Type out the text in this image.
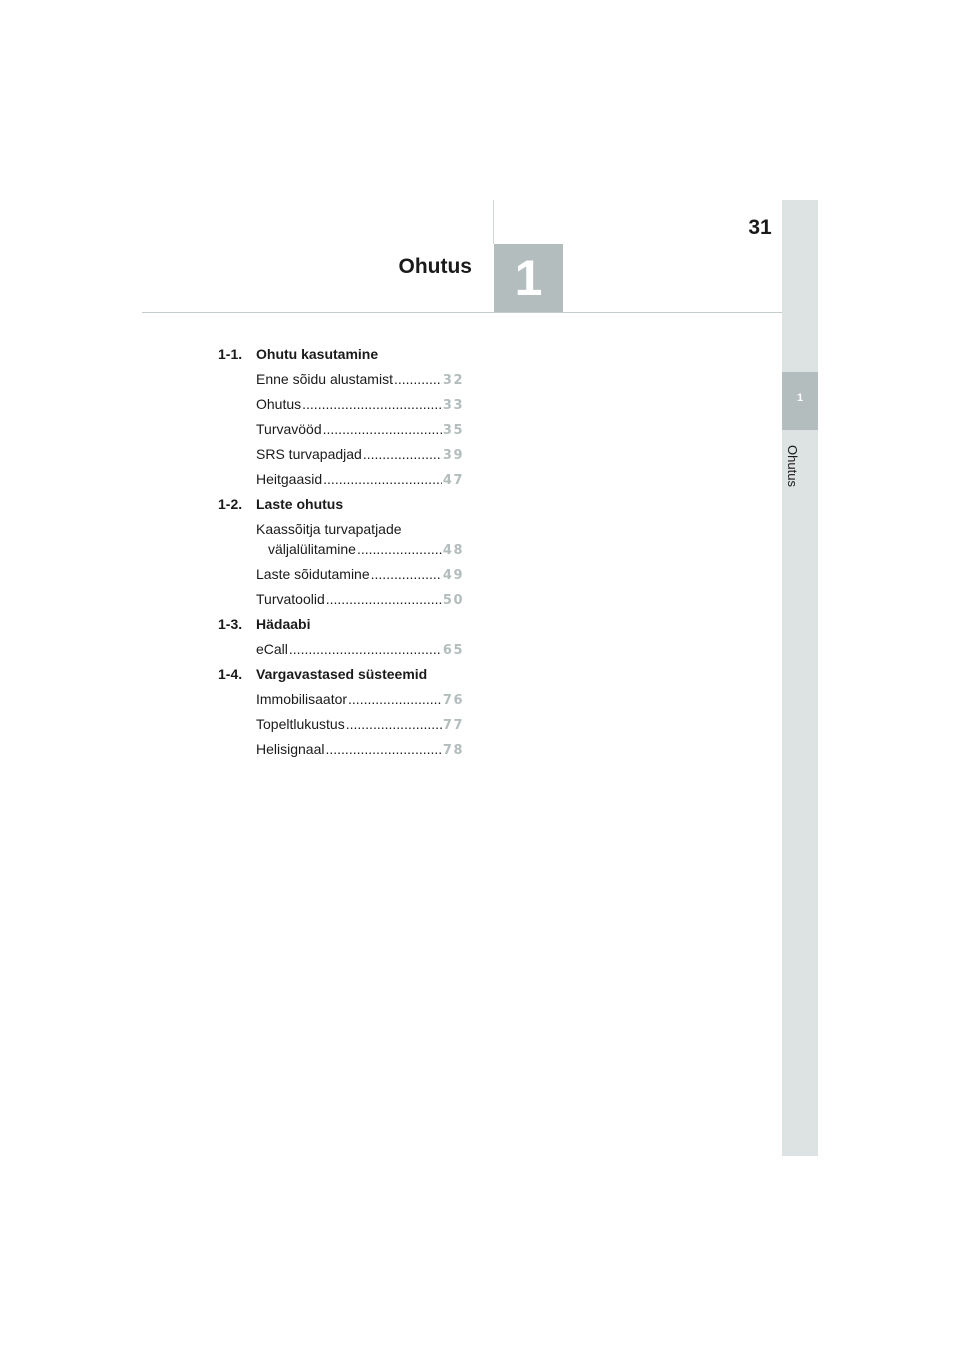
31
Ohutus 1
1
Ohutus
1-1. Ohutu kasutamine
Enne sõidu alustamist .....	32
Ohutus .....	33
Turvavööd .....	35
SRS turvapadjad .....	39
Heitgaasid .....	47
1-2. Laste ohutus
Kaassõitja turvapatjade
väljalülitamine .....	48
Laste sõidutamine .....	49
Turvatoolid .....	50
1-3. Hädaabi
eCall .....	65
1-4. Vargavastased süsteemid
Immobilisaator .....	76
Topeltlukustus .....	77
Helisignaal .....	78
